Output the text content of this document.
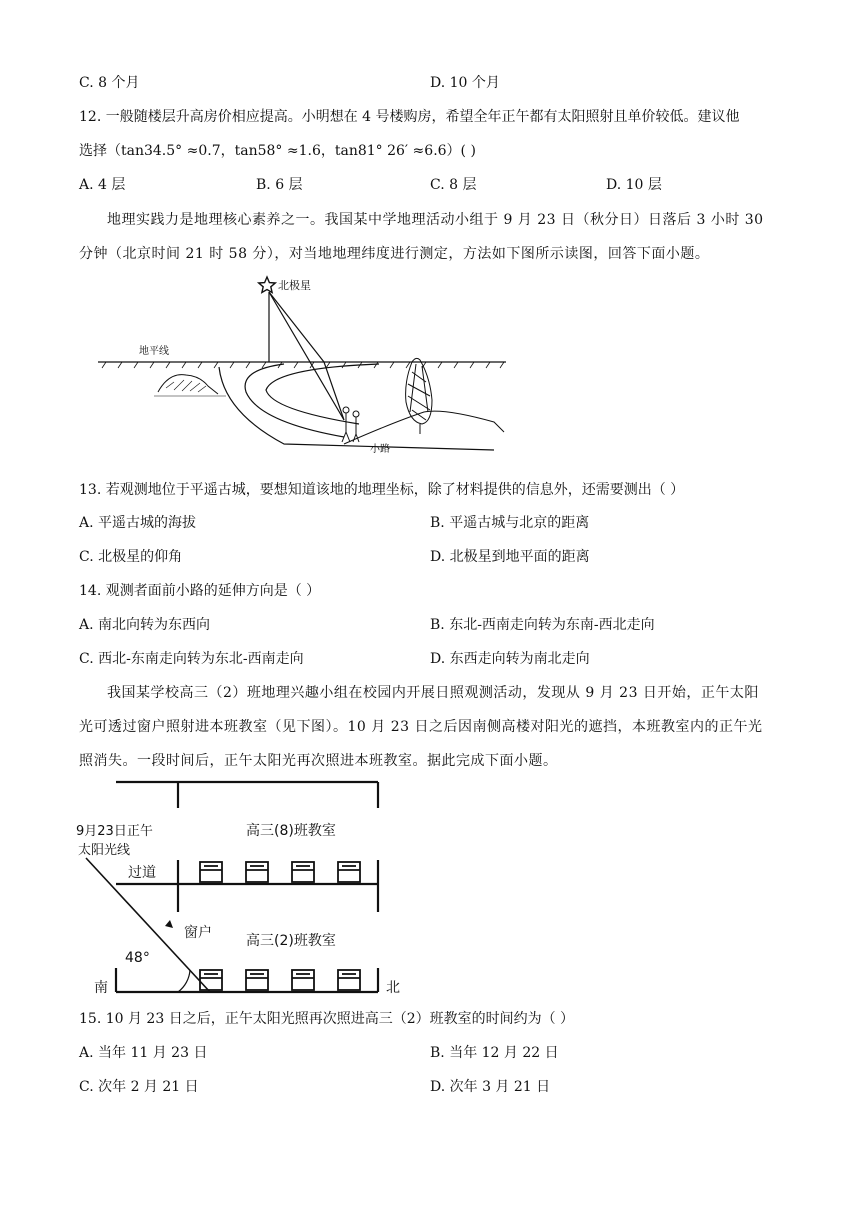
C. 8 个月	D. 10 个月
12. 一般随楼层升高房价相应提高。小明想在 4 号楼购房，希望全年正午都有太阳照射且单价较低。建议他
选择（tan34.5° ≈0.7，tan58° ≈1.6，tan81° 26′ ≈6.6）( )
A. 4 层	B. 6 层	C. 8 层	D. 10 层
地理实践力是地理核心素养之一。我国某中学地理活动小组于 9 月 23 日（秋分日）日落后 3 小时 30
分钟（北京时间 21 时 58 分），对当地地理纬度进行测定，方法如下图所示读图，回答下面小题。
北极星
地平线
小路
13. 若观测地位于平遥古城，要想知道该地的地理坐标，除了材料提供的信息外，还需要测出（ ）
A. 平遥古城的海拔	B. 平遥古城与北京的距离
C. 北极星的仰角	D. 北极星到地平面的距离
14. 观测者面前小路的延伸方向是（ ）
A. 南北向转为东西向	B. 东北-西南走向转为东南-西北走向
C. 西北-东南走向转为东北-西南走向	D. 东西走向转为南北走向
我国某学校高三（2）班地理兴趣小组在校园内开展日照观测活动，发现从 9 月 23 日开始，正午太阳
光可透过窗户照射进本班教室（见下图）。10 月 23 日之后因南侧高楼对阳光的遮挡，本班教室内的正午光
照消失。一段时间后，正午太阳光再次照进本班教室。据此完成下面小题。
9月23日正午
太阳光线
高三(8)班教室
过道
窗户 高三(2)班教室
48°
南	北
15. 10 月 23 日之后，正午太阳光照再次照进高三（2）班教室的时间约为（ ）
A. 当年 11 月 23 日	B. 当年 12 月 22 日
C. 次年 2 月 21 日	D. 次年 3 月 21 日
